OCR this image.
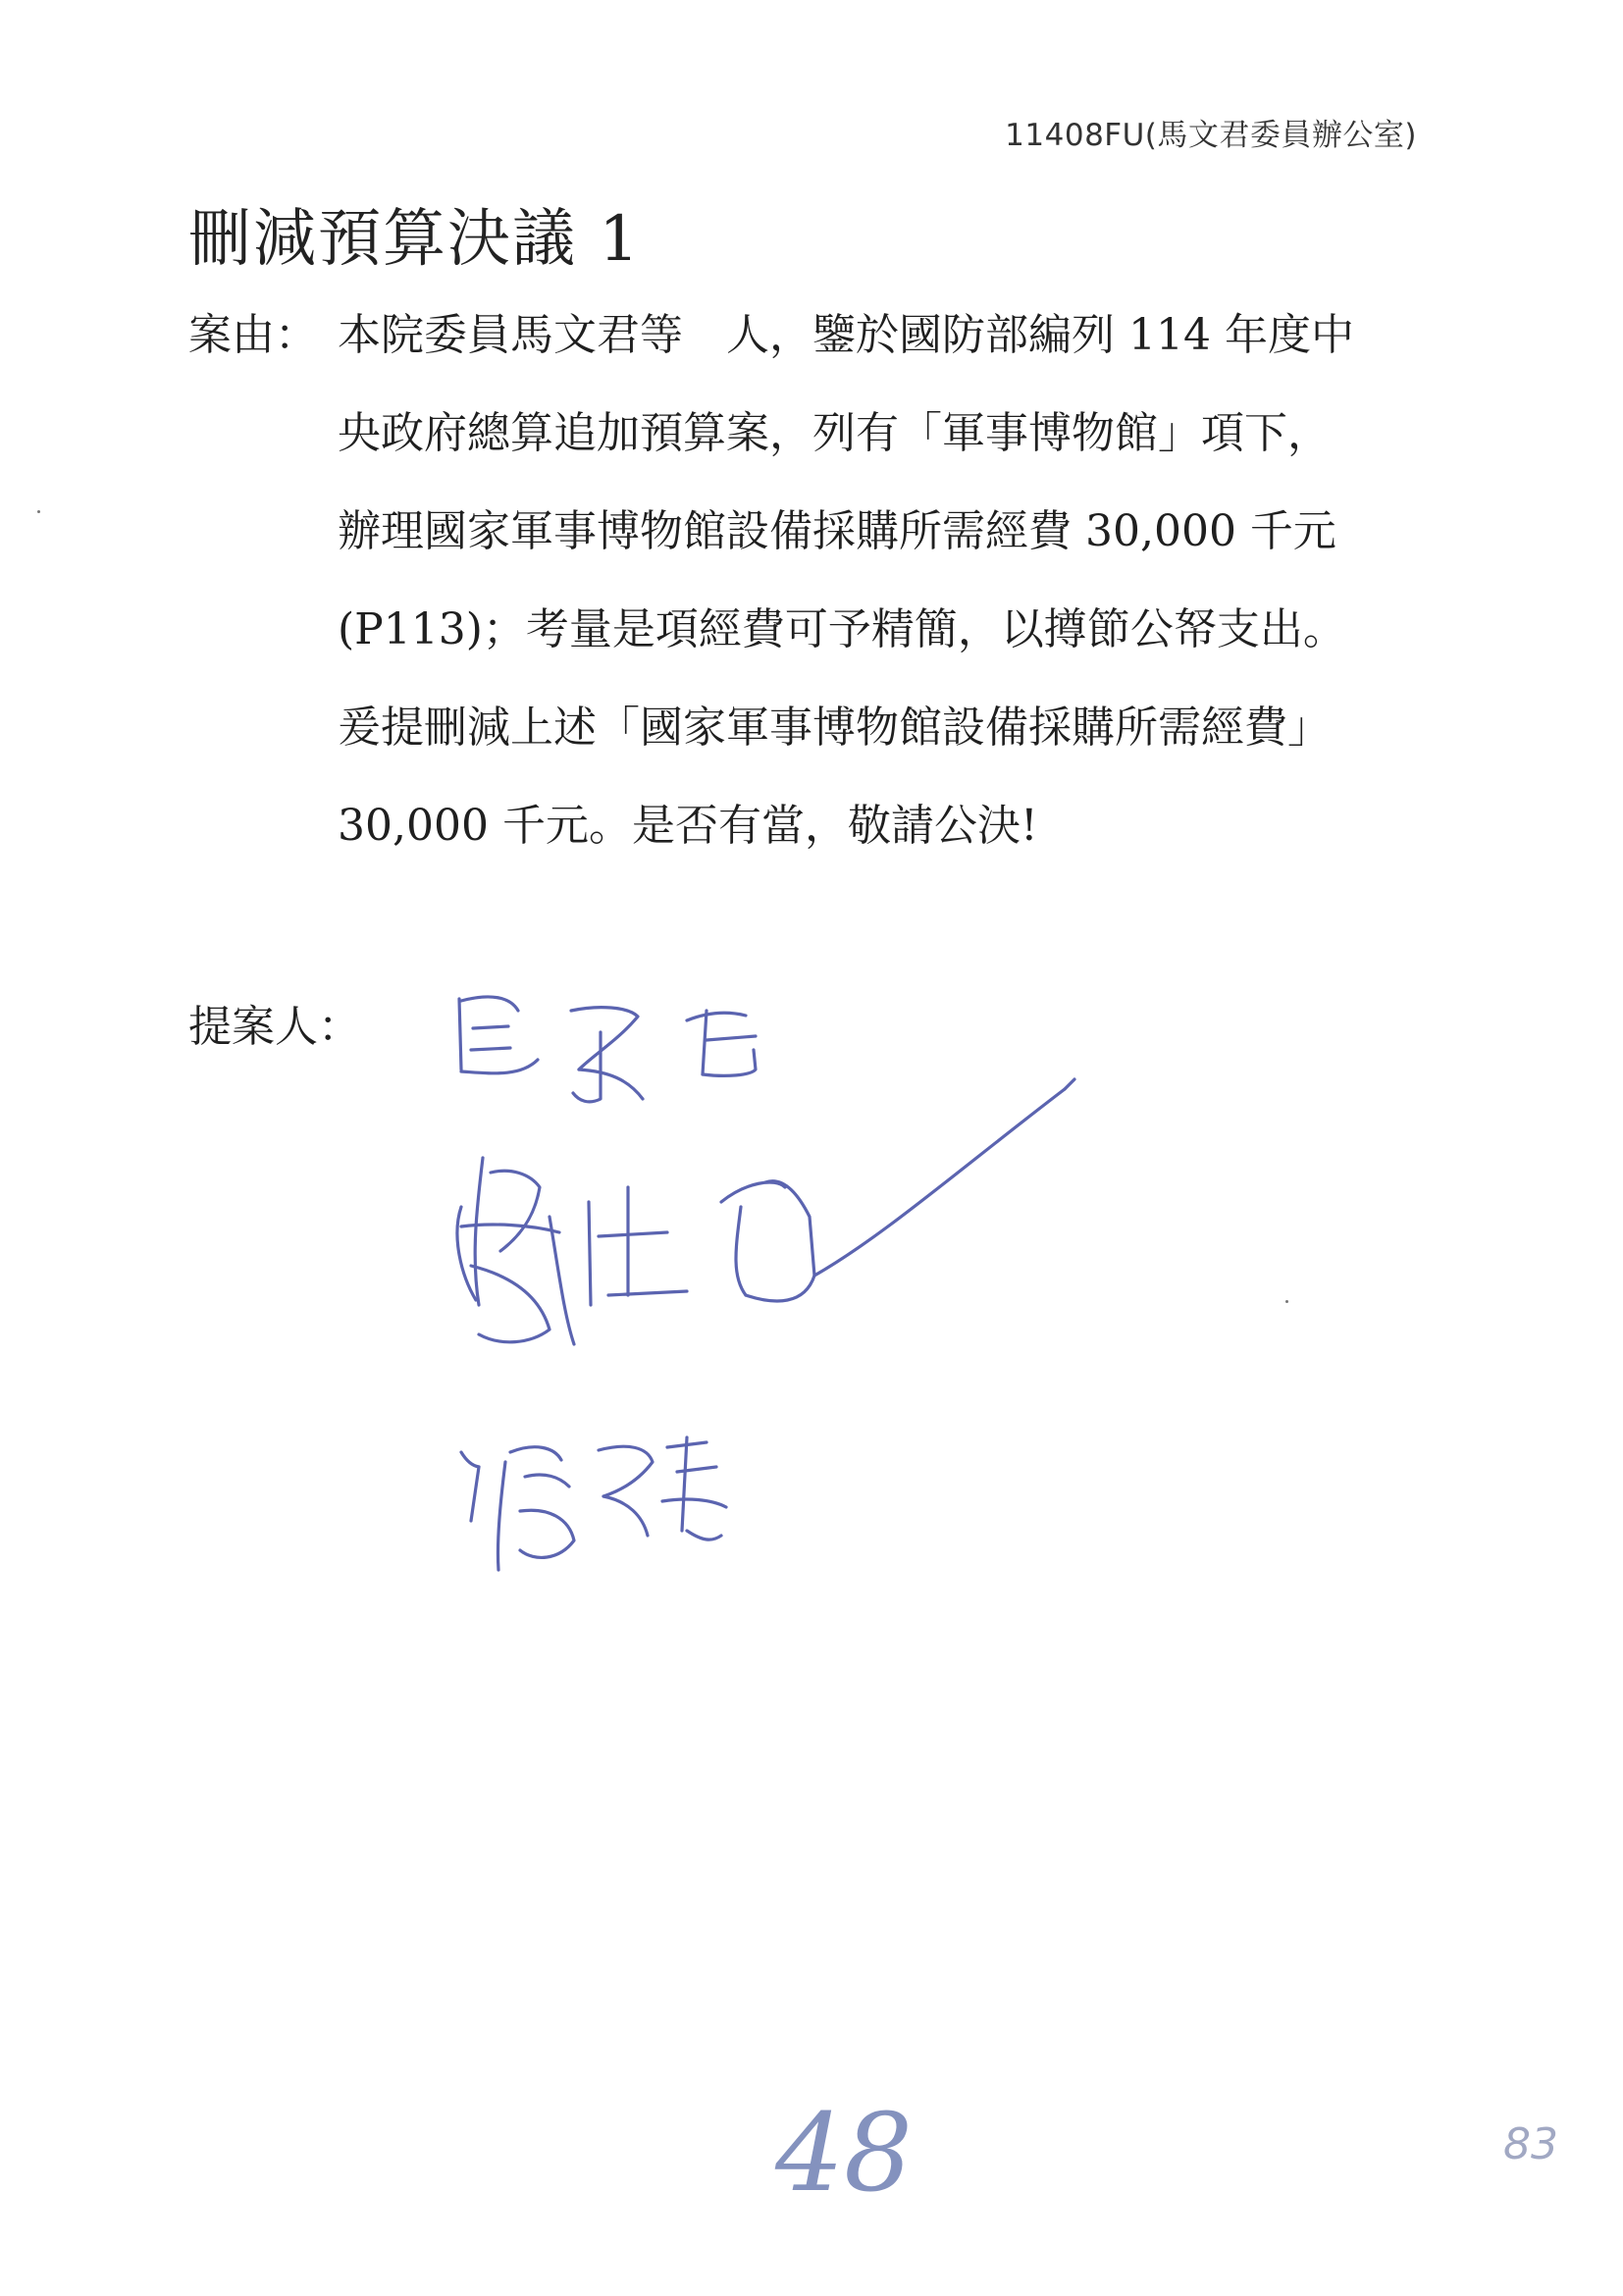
11408FU(馬文君委員辦公室)
刪減預算決議 1
案由： 本院委員馬文君等　人，鑒於國防部編列 114 年度中
央政府總算追加預算案，列有「軍事博物館」項下，
辦理國家軍事博物館設備採購所需經費 30,000 千元
(P113)；考量是項經費可予精簡，以撙節公帑支出。
爰提刪減上述「國家軍事博物館設備採購所需經費」
30,000 千元。是否有當，敬請公決!
提案人：
48	83
